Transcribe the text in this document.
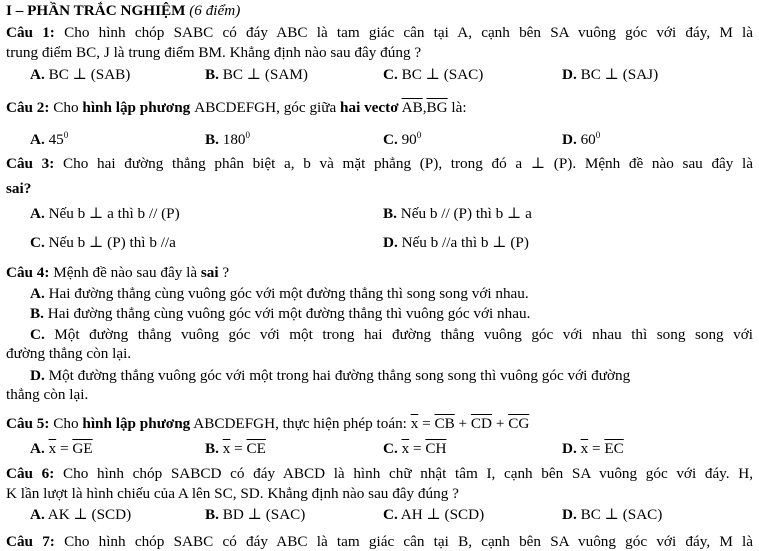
I – PHẦN TRẮC NGHIỆM (6 điểm)
Câu 1: Cho hình chóp SABC có đáy ABC là tam giác cân tại A, cạnh bên SA vuông góc với đáy, M là
trung điểm BC, J là trung điểm BM. Khẳng định nào sau đây đúng ?
A. BC ⊥ (SAB)	B. BC ⊥ (SAM)	C. BC ⊥ (SAC)	D. BC ⊥ (SAJ)
Câu 2: Cho hình lập phương ABCDEFGH, góc giữa hai vectơ $\overline{AB},\overline{BG}$ là:
A. $45^0$	B. $180^0$	C. $90^0$	D. $60^0$
Câu 3: Cho hai đường thẳng phân biệt a, b và mặt phẳng (P), trong đó a ⊥ (P). Mệnh đề nào sau đây là
sai?
A. Nếu b ⊥ a thì b // (P)	B. Nếu b // (P) thì b ⊥ a
C. Nếu b ⊥ (P) thì b //a	D. Nếu b //a thì b ⊥ (P)
Câu 4: Mệnh đề nào sau đây là sai ?
A. Hai đường thẳng cùng vuông góc với một đường thẳng thì song song với nhau.
B. Hai đường thẳng cùng vuông góc với một đường thẳng thì vuông góc với nhau.
C. Một đường thẳng vuông góc với một trong hai đường thẳng vuông góc với nhau thì song song với
đường thẳng còn lại.
D. Một đường thẳng vuông góc với một trong hai đường thẳng song song thì vuông góc với đường
thẳng còn lại.
Câu 5: Cho hình lập phương ABCDEFGH, thực hiện phép toán: $\overline{x} = \overline{CB} + \overline{CD} + \overline{CG}$
A. $\overline{x} = \overline{GE}$	B. $\overline{x} = \overline{CE}$	C. $\overline{x} = \overline{CH}$	D. $\overline{x} = \overline{EC}$
Câu 6: Cho hình chóp SABCD có đáy ABCD là hình chữ nhật tâm I, cạnh bên SA vuông góc với đáy. H,
K lần lượt là hình chiếu của A lên SC, SD. Khẳng định nào sau đây đúng ?
A. AK ⊥ (SCD)	B. BD ⊥ (SAC)	C. AH ⊥ (SCD)	D. BC ⊥ (SAC)
Câu 7: Cho hình chóp SABC có đáy ABC là tam giác cân tại B, cạnh bên SA vuông góc với đáy, M là
